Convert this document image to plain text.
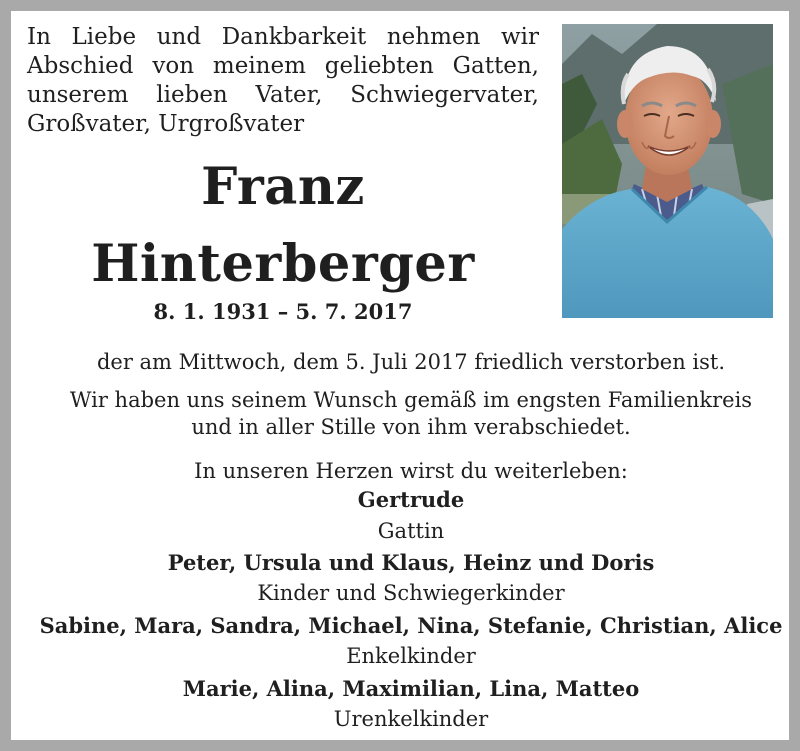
In Liebe und Dankbarkeit nehmen wir Abschied von meinem geliebten Gatten, unserem lieben Vater, Schwiegervater, Großvater, Urgroßvater

Franz

Hinterberger

8. 1. 1931 – 5. 7. 2017

der am Mittwoch, dem 5. Juli 2017 friedlich verstorben ist.

Wir haben uns seinem Wunsch gemäß im engsten Familienkreis

und in aller Stille von ihm verabschiedet.

In unseren Herzen wirst du weiterleben:

Gertrude

Gattin

Peter, Ursula und Klaus, Heinz und Doris

Kinder und Schwiegerkinder

Sabine, Mara, Sandra, Michael, Nina, Stefanie, Christian, Alice

Enkelkinder

Marie, Alina, Maximilian, Lina, Matteo

Urenkelkinder
